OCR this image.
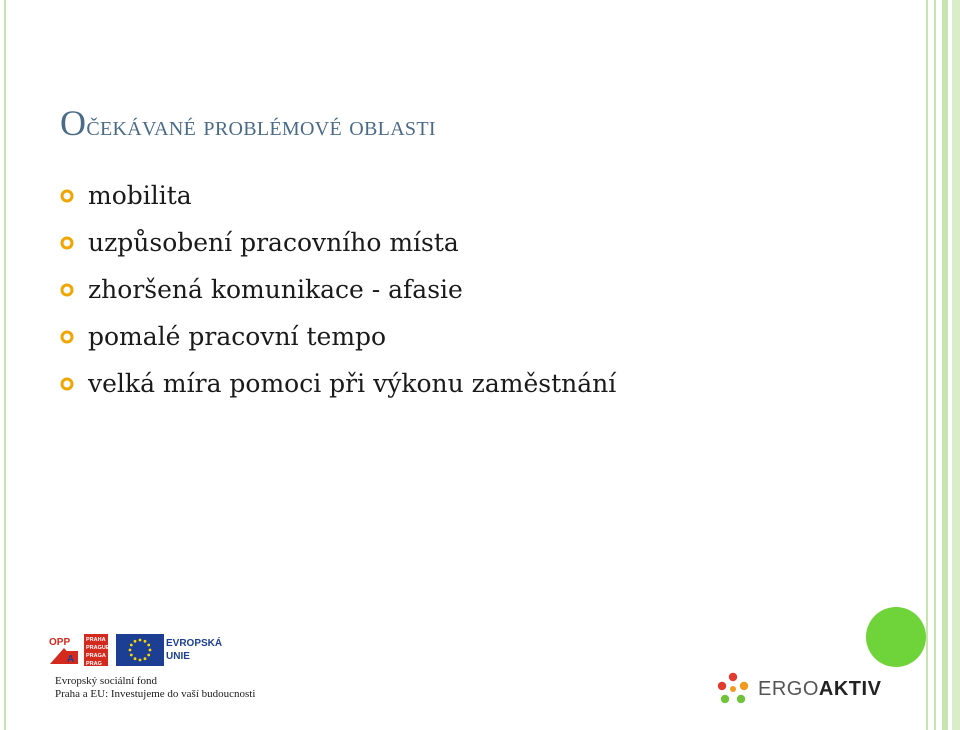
Očekávané problémové oblasti
mobilita
uzpůsobení pracovního místa
zhoršená komunikace - afasie
pomalé pracovní tempo
velká míra pomoci při výkonu zaměstnání
OPP
A
PRAHA
PRAGUE
PRAGA
PRAG
EVROPSKÁ
UNIE
Evropský sociální fond
Praha a EU: Investujeme do vaší budoucnosti	ERGOAKTIV
